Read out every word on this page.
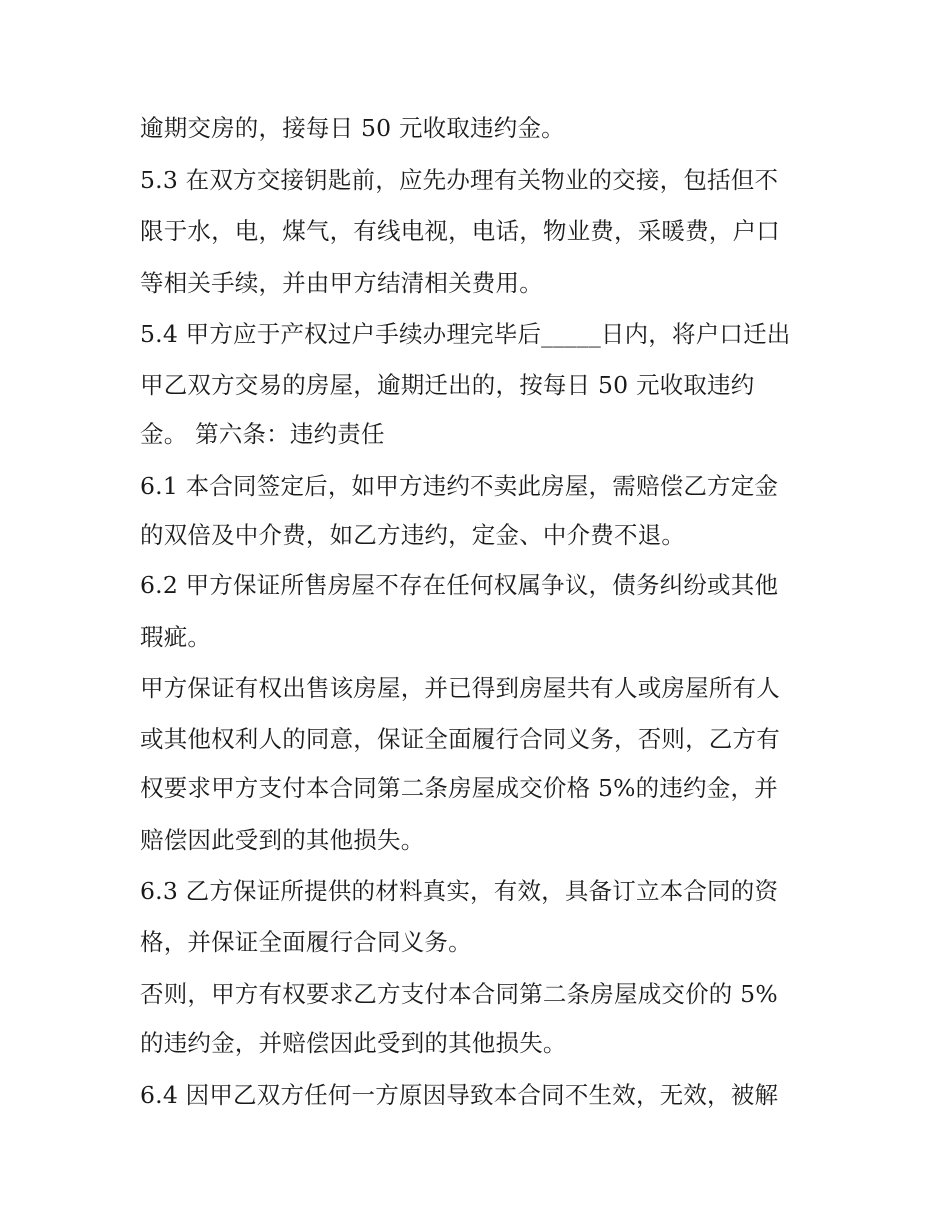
逾期交房的，接每日 50 元收取违约金。
5.3 在双方交接钥匙前，应先办理有关物业的交接，包括但不
限于水，电，煤气，有线电视，电话，物业费，采暖费，户口
等相关手续，并由甲方结清相关费用。
5.4 甲方应于产权过户手续办理完毕后_____日内，将户口迁出
甲乙双方交易的房屋，逾期迁出的，按每日 50 元收取违约
金。 第六条：违约责任
6.1 本合同签定后，如甲方违约不卖此房屋，需赔偿乙方定金
的双倍及中介费，如乙方违约，定金、中介费不退。
6.2 甲方保证所售房屋不存在任何权属争议，债务纠纷或其他
瑕疵。
甲方保证有权出售该房屋，并已得到房屋共有人或房屋所有人
或其他权利人的同意，保证全面履行合同义务，否则，乙方有
权要求甲方支付本合同第二条房屋成交价格 5%的违约金，并
赔偿因此受到的其他损失。
6.3 乙方保证所提供的材料真实，有效，具备订立本合同的资
格，并保证全面履行合同义务。
否则，甲方有权要求乙方支付本合同第二条房屋成交价的 5%
的违约金，并赔偿因此受到的其他损失。
6.4 因甲乙双方任何一方原因导致本合同不生效，无效，被解
